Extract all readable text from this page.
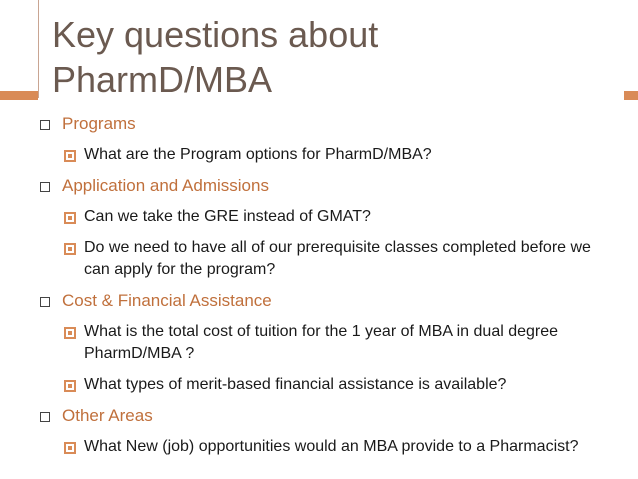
Key questions about
PharmD/MBA
Programs
What are the Program options for PharmD/MBA?
Application and Admissions
Can we take the GRE instead of GMAT?
Do we need to have all of our prerequisite classes completed before we can apply for the program?
Cost & Financial Assistance
What is the total cost of tuition for the 1 year of MBA in dual degree PharmD/MBA ?
What types of merit-based financial assistance is available?
Other Areas
What New (job) opportunities would an MBA provide to a Pharmacist?
